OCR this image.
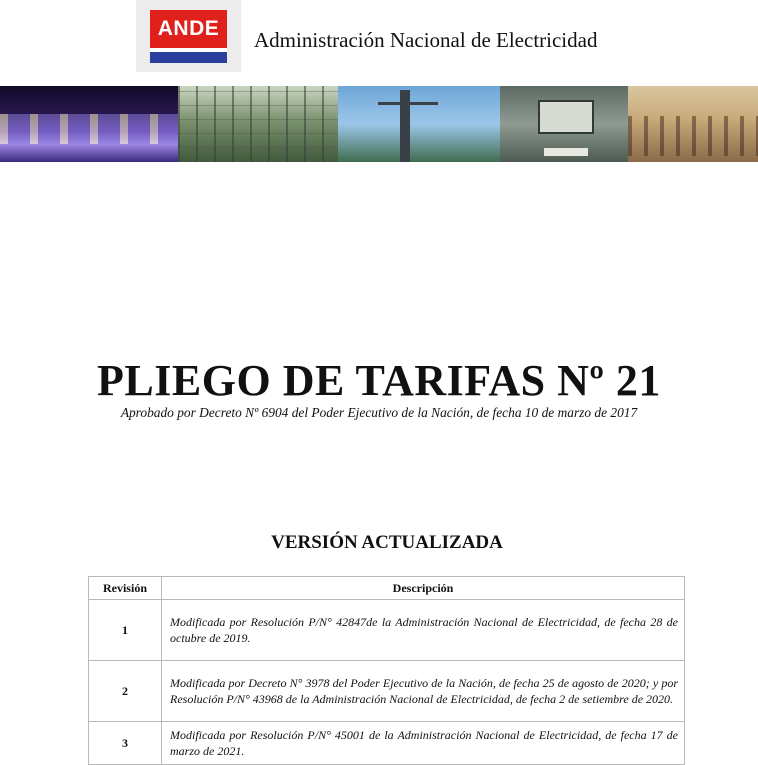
ANDE	Administración Nacional de Electricidad
PLIEGO DE TARIFAS Nº 21
Aprobado por Decreto Nº 6904 del Poder Ejecutivo de la Nación, de fecha 10 de marzo de 2017
VERSIÓN ACTUALIZADA
Revisión	Descripción
1	Modificada por Resolución P/N° 42847de la Administración Nacional de Electricidad, de fecha 28 de octubre de 2019.
2	Modificada por Decreto N° 3978 del Poder Ejecutivo de la Nación, de fecha 25 de agosto de 2020; y por Resolución P/N° 43968 de la Administración Nacional de Electricidad, de fecha 2 de setiembre de 2020.
3	Modificada por Resolución P/N° 45001 de la Administración Nacional de Electricidad, de fecha 17 de marzo de 2021.
